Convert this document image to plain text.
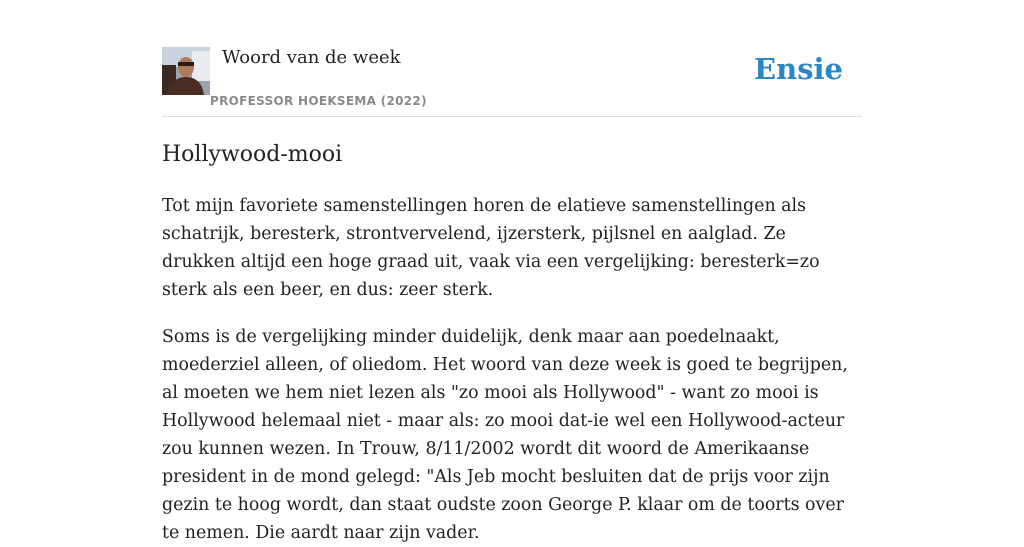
Woord van de week
PROFESSOR HOEKSEMA (2022)
Ensie
Hollywood-mooi

Tot mijn favoriete samenstellingen horen de elatieve samenstellingen als schatrijk, beresterk, strontvervelend, ijzersterk, pijlsnel en aalglad. Ze drukken altijd een hoge graad uit, vaak via een vergelijking: beresterk=zo sterk als een beer, en dus: zeer sterk.

Soms is de vergelijking minder duidelijk, denk maar aan poedelnaakt, moederziel alleen, of oliedom. Het woord van deze week is goed te begrijpen, al moeten we hem niet lezen als "zo mooi als Hollywood" - want zo mooi is Hollywood helemaal niet - maar als: zo mooi dat-ie wel een Hollywood-acteur zou kunnen wezen. In Trouw, 8/11/2002 wordt dit woord de Amerikaanse president in de mond gelegd: "Als Jeb mocht besluiten dat de prijs voor zijn gezin te hoog wordt, dan staat oudste zoon George P. klaar om de toorts over te nemen. Die aardt naar zijn vader.
